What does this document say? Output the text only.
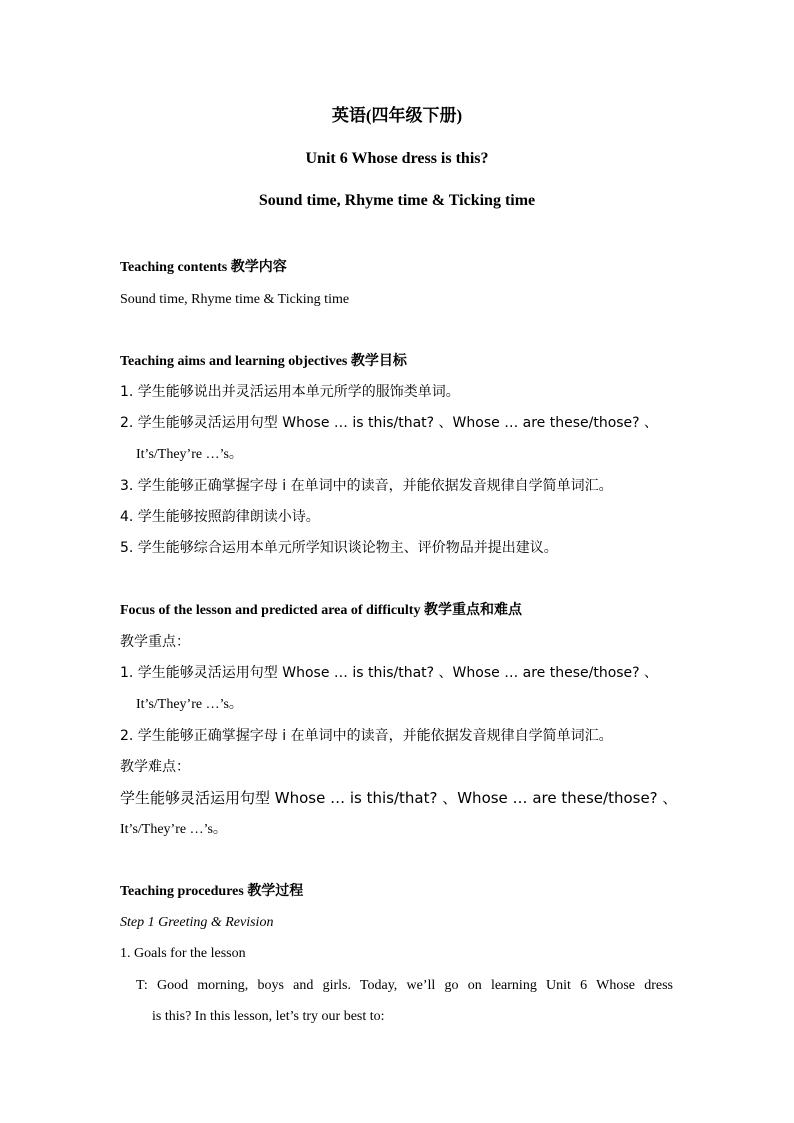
英语(四年级下册)
Unit 6 Whose dress is this?
Sound time, Rhyme time & Ticking time
Teaching contents 教学内容
Sound time, Rhyme time & Ticking time
Teaching aims and learning objectives 教学目标
1. 学生能够说出并灵活运用本单元所学的服饰类单词。
2. 学生能够灵活运用句型 Whose … is this/that? 、Whose … are these/those? 、
It’s/They’re …’s。
3. 学生能够正确掌握字母 i 在单词中的读音，并能依据发音规律自学简单词汇。
4. 学生能够按照韵律朗读小诗。
5. 学生能够综合运用本单元所学知识谈论物主、评价物品并提出建议。
Focus of the lesson and predicted area of difficulty 教学重点和难点
教学重点：
1. 学生能够灵活运用句型 Whose … is this/that? 、Whose … are these/those? 、
It’s/They’re …’s。
2. 学生能够正确掌握字母 i 在单词中的读音，并能依据发音规律自学简单词汇。
教学难点：
学生能够灵活运用句型 Whose … is this/that? 、Whose … are these/those? 、
It’s/They’re …’s。
Teaching procedures 教学过程
Step 1 Greeting & Revision
1. Goals for the lesson
T: Good morning, boys and girls. Today, we’ll go on learning Unit 6 Whose dress
is this? In this lesson, let’s try our best to:
